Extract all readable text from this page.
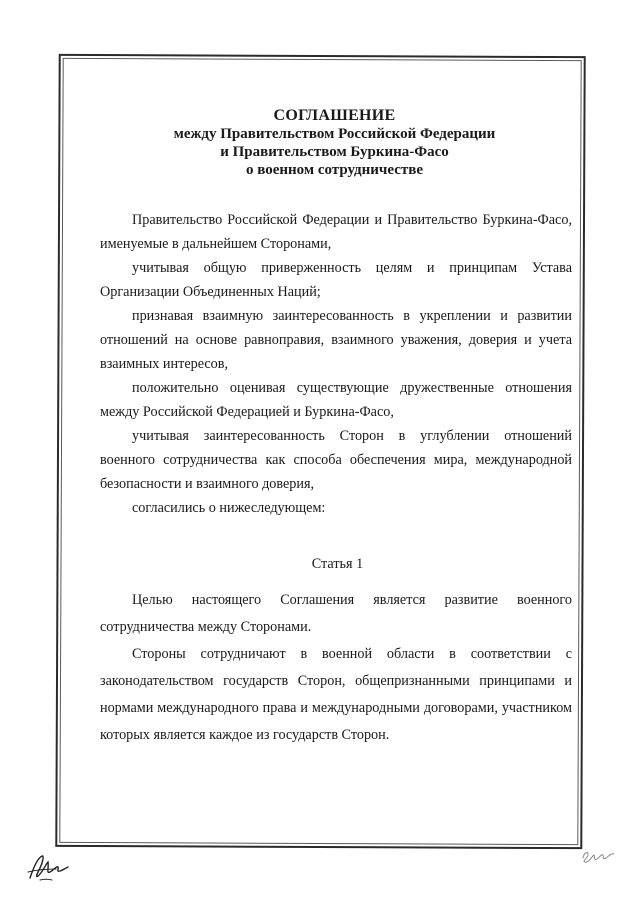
СОГЛАШЕНИЕ
между Правительством Российской Федерации
и Правительством Буркина-Фасо
о военном сотрудничестве

Правительство Российской Федерации и Правительство Буркина-Фасо, именуемые в дальнейшем Сторонами,

учитывая общую приверженность целям и принципам Устава Организации Объединенных Наций;

признавая взаимную заинтересованность в укреплении и развитии отношений на основе равноправия, взаимного уважения, доверия и учета взаимных интересов,

положительно оценивая существующие дружественные отношения между Российской Федерацией и Буркина-Фасо,

учитывая заинтересованность Сторон в углублении отношений военного сотрудничества как способа обеспечения мира, международной безопасности и взаимного доверия,

согласились о нижеследующем:

Статья 1

Целью настоящего Соглашения является развитие военного сотрудничества между Сторонами.

Стороны сотрудничают в военной области в соответствии с законодательством государств Сторон, общепризнанными принципами и нормами международного права и международными договорами, участником которых является каждое из государств Сторон.
